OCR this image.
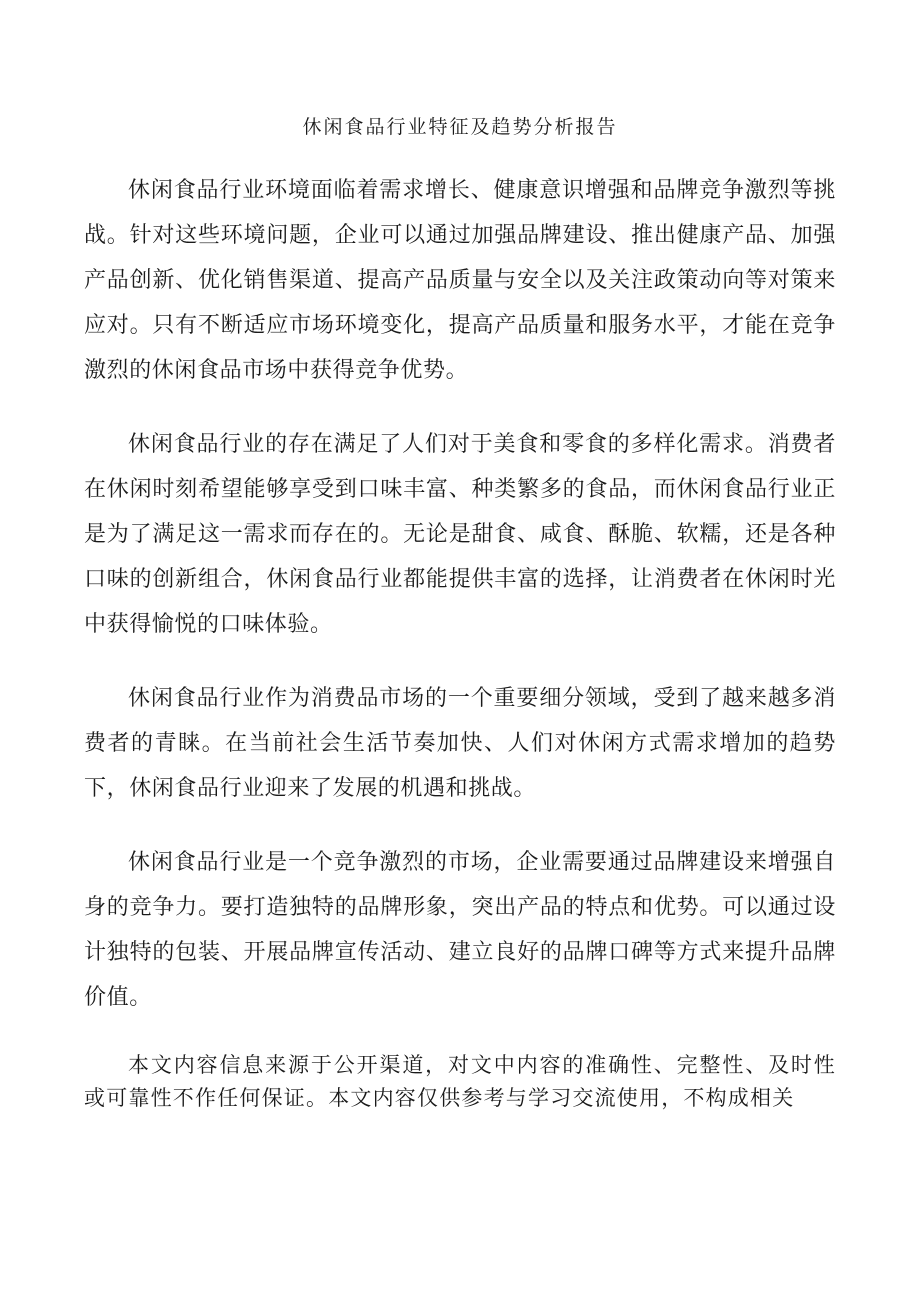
休闲食品行业特征及趋势分析报告

休闲食品行业环境面临着需求增长、健康意识增强和品牌竞争激烈等挑战。针对这些环境问题，企业可以通过加强品牌建设、推出健康产品、加强产品创新、优化销售渠道、提高产品质量与安全以及关注政策动向等对策来应对。只有不断适应市场环境变化，提高产品质量和服务水平，才能在竞争激烈的休闲食品市场中获得竞争优势。

休闲食品行业的存在满足了人们对于美食和零食的多样化需求。消费者在休闲时刻希望能够享受到口味丰富、种类繁多的食品，而休闲食品行业正是为了满足这一需求而存在的。无论是甜食、咸食、酥脆、软糯，还是各种口味的创新组合，休闲食品行业都能提供丰富的选择，让消费者在休闲时光中获得愉悦的口味体验。

休闲食品行业作为消费品市场的一个重要细分领域，受到了越来越多消费者的青睐。在当前社会生活节奏加快、人们对休闲方式需求增加的趋势下，休闲食品行业迎来了发展的机遇和挑战。

休闲食品行业是一个竞争激烈的市场，企业需要通过品牌建设来增强自身的竞争力。要打造独特的品牌形象，突出产品的特点和优势。可以通过设计独特的包装、开展品牌宣传活动、建立良好的品牌口碑等方式来提升品牌价值。

本文内容信息来源于公开渠道，对文中内容的准确性、完整性、及时性或可靠性不作任何保证。本文内容仅供参考与学习交流使用，不构成相关
